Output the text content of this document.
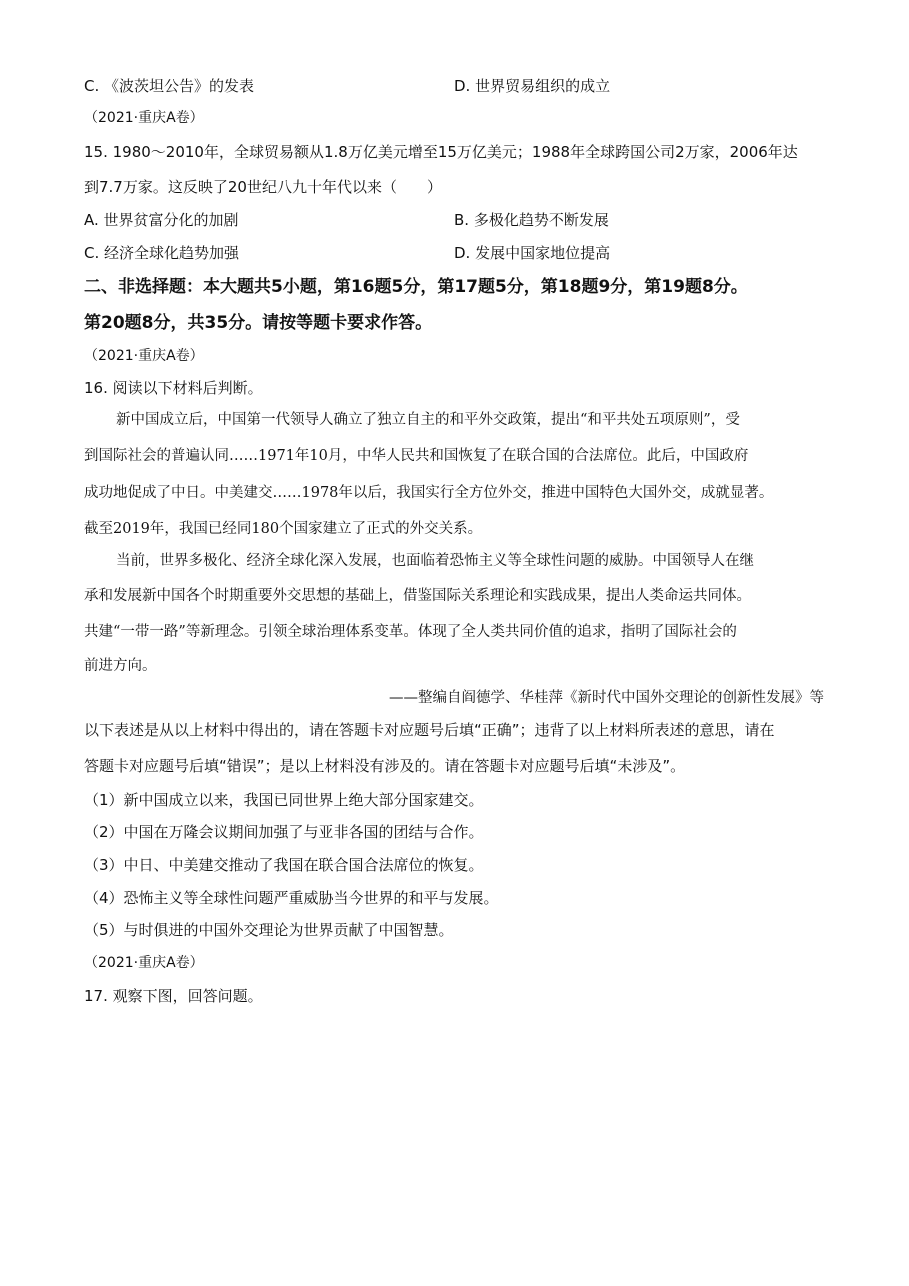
C. 《波茨坦公告》的发表	D. 世界贸易组织的成立
（2021·重庆A卷）
15. 1980～2010年，全球贸易额从1.8万亿美元增至15万亿美元；1988年全球跨国公司2万家，2006年达
到7.7万家。这反映了20世纪八九十年代以来（　　）
A. 世界贫富分化的加剧	B. 多极化趋势不断发展
C. 经济全球化趋势加强	D. 发展中国家地位提高
二、非选择题：本大题共5小题，第16题5分，第17题5分，第18题9分，第19题8分。
第20题8分，共35分。请按等题卡要求作答。
（2021·重庆A卷）
16. 阅读以下材料后判断。
新中国成立后，中国第一代领导人确立了独立自主的和平外交政策，提出“和平共处五项原则”，受
到国际社会的普遍认同……1971年10月，中华人民共和国恢复了在联合国的合法席位。此后，中国政府
成功地促成了中日。中美建交……1978年以后，我国实行全方位外交，推进中国特色大国外交，成就显著。
截至2019年，我国已经同180个国家建立了正式的外交关系。
当前，世界多极化、经济全球化深入发展，也面临着恐怖主义等全球性问题的威胁。中国领导人在继
承和发展新中国各个时期重要外交思想的基础上，借鉴国际关系理论和实践成果，提出人类命运共同体。
共建“一带一路”等新理念。引领全球治理体系变革。体现了全人类共同价值的追求，指明了国际社会的
前进方向。
——整编自阎德学、华桂萍《新时代中国外交理论的创新性发展》等
以下表述是从以上材料中得出的，请在答题卡对应题号后填“正确”；违背了以上材料所表述的意思，请在
答题卡对应题号后填“错误”；是以上材料没有涉及的。请在答题卡对应题号后填“未涉及”。
（1）新中国成立以来，我国已同世界上绝大部分国家建交。
（2）中国在万隆会议期间加强了与亚非各国的团结与合作。
（3）中日、中美建交推动了我国在联合国合法席位的恢复。
（4）恐怖主义等全球性问题严重威胁当今世界的和平与发展。
（5）与时俱进的中国外交理论为世界贡献了中国智慧。
（2021·重庆A卷）
17. 观察下图，回答问题。
